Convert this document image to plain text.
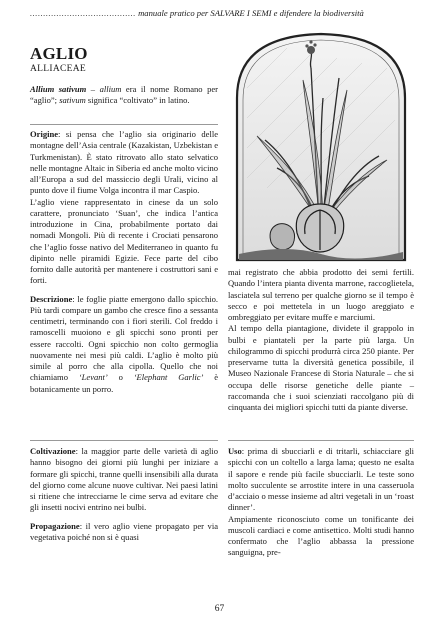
........................................ manuale pratico per SALVARE I SEMI e difendere la biodiversità
AGLIO
ALLIACEAE

Allium sativum – allium era il nome Romano per “aglio”; sativum significa “coltivato” in latino.

Origine: si pensa che l’aglio sia originario delle montagne dell’Asia centrale (Kazakistan, Uzbekistan e Turkmenistan). È stato ritrovato allo stato selvatico nelle montagne Altaic in Siberia ed anche molto vicino all’Europa a sud del massiccio degli Urali, vicino al punto dove il fiume Volga incontra il mar Caspio.

L’aglio viene rappresentato in cinese da un solo carattere, pronunciato ‘Suan’, che indica l’antica introduzione in Cina, probabilmente portato dai nomadi Mongoli. Più di recente i Crociati pensarono che l’aglio fosse nativo del Mediterraneo in quanto fu dipinto nelle piramidi Egizie. Fece parte del cibo fornito dalle autorità per mantenere i costruttori sani e forti.

Descrizione: le foglie piatte emergono dallo spicchio. Più tardi compare un gambo che cresce fino a sessanta centimetri, terminando con i fiori sterili. Col freddo i ramoscelli muoiono e gli spicchi sono pronti per essere raccolti. Ogni spicchio non colto germoglia nuovamente nei mesi più caldi. L’aglio è molto più simile al porro che alla cipolla. Quello che noi chiamiamo ‘Levant’ o ‘Elephant Garlic’ è botanicamente un porro.

Coltivazione: la maggior parte delle varietà di aglio hanno bisogno dei giorni più lunghi per iniziare a formare gli spicchi, tranne quelli insensibili alla durata del giorno come alcune nuove cultivar. Nei paesi latini si ritiene che intrecciarne le cime serva ad evitare che gli insetti nocivi entrino nei bulbi.

Propagazione: il vero aglio viene propagato per via vegetativa poiché non si è quasi

mai registrato che abbia prodotto dei semi fertili. Quando l’intera pianta diventa marrone, raccoglietela, lasciatela sul terreno per qualche giorno se il tempo è secco e poi mettetela in un luogo areggiato e ombreggiato per evitare muffe e marciumi.

Al tempo della piantagione, dividete il grappolo in bulbi e piantateli per la parte più larga. Un chilogrammo di spicchi produrrà circa 250 piante. Per preservarne tutta la diversità genetica possibile, il Museo Nazionale Francese di Storia Naturale – che si occupa delle risorse genetiche delle piante – raccomanda che i suoi scienziati raccolgano più di cinquanta dei migliori spicchi tutti da piante diverse.

Uso: prima di sbucciarli e di tritarli, schiacciare gli spicchi con un coltello a larga lama; questo ne esalta il sapore e rende più facile sbucciarli. Le teste sono molto succulente se arrostite intere in una casseruola d’acciaio o messe insieme ad altri vegetali in un ‘roast dinner’.

Ampiamente riconosciuto come un tonificante dei muscoli cardiaci e come antisettico. Molti studi hanno confermato che l’aglio abbassa la pressione sanguigna, pre-

67
